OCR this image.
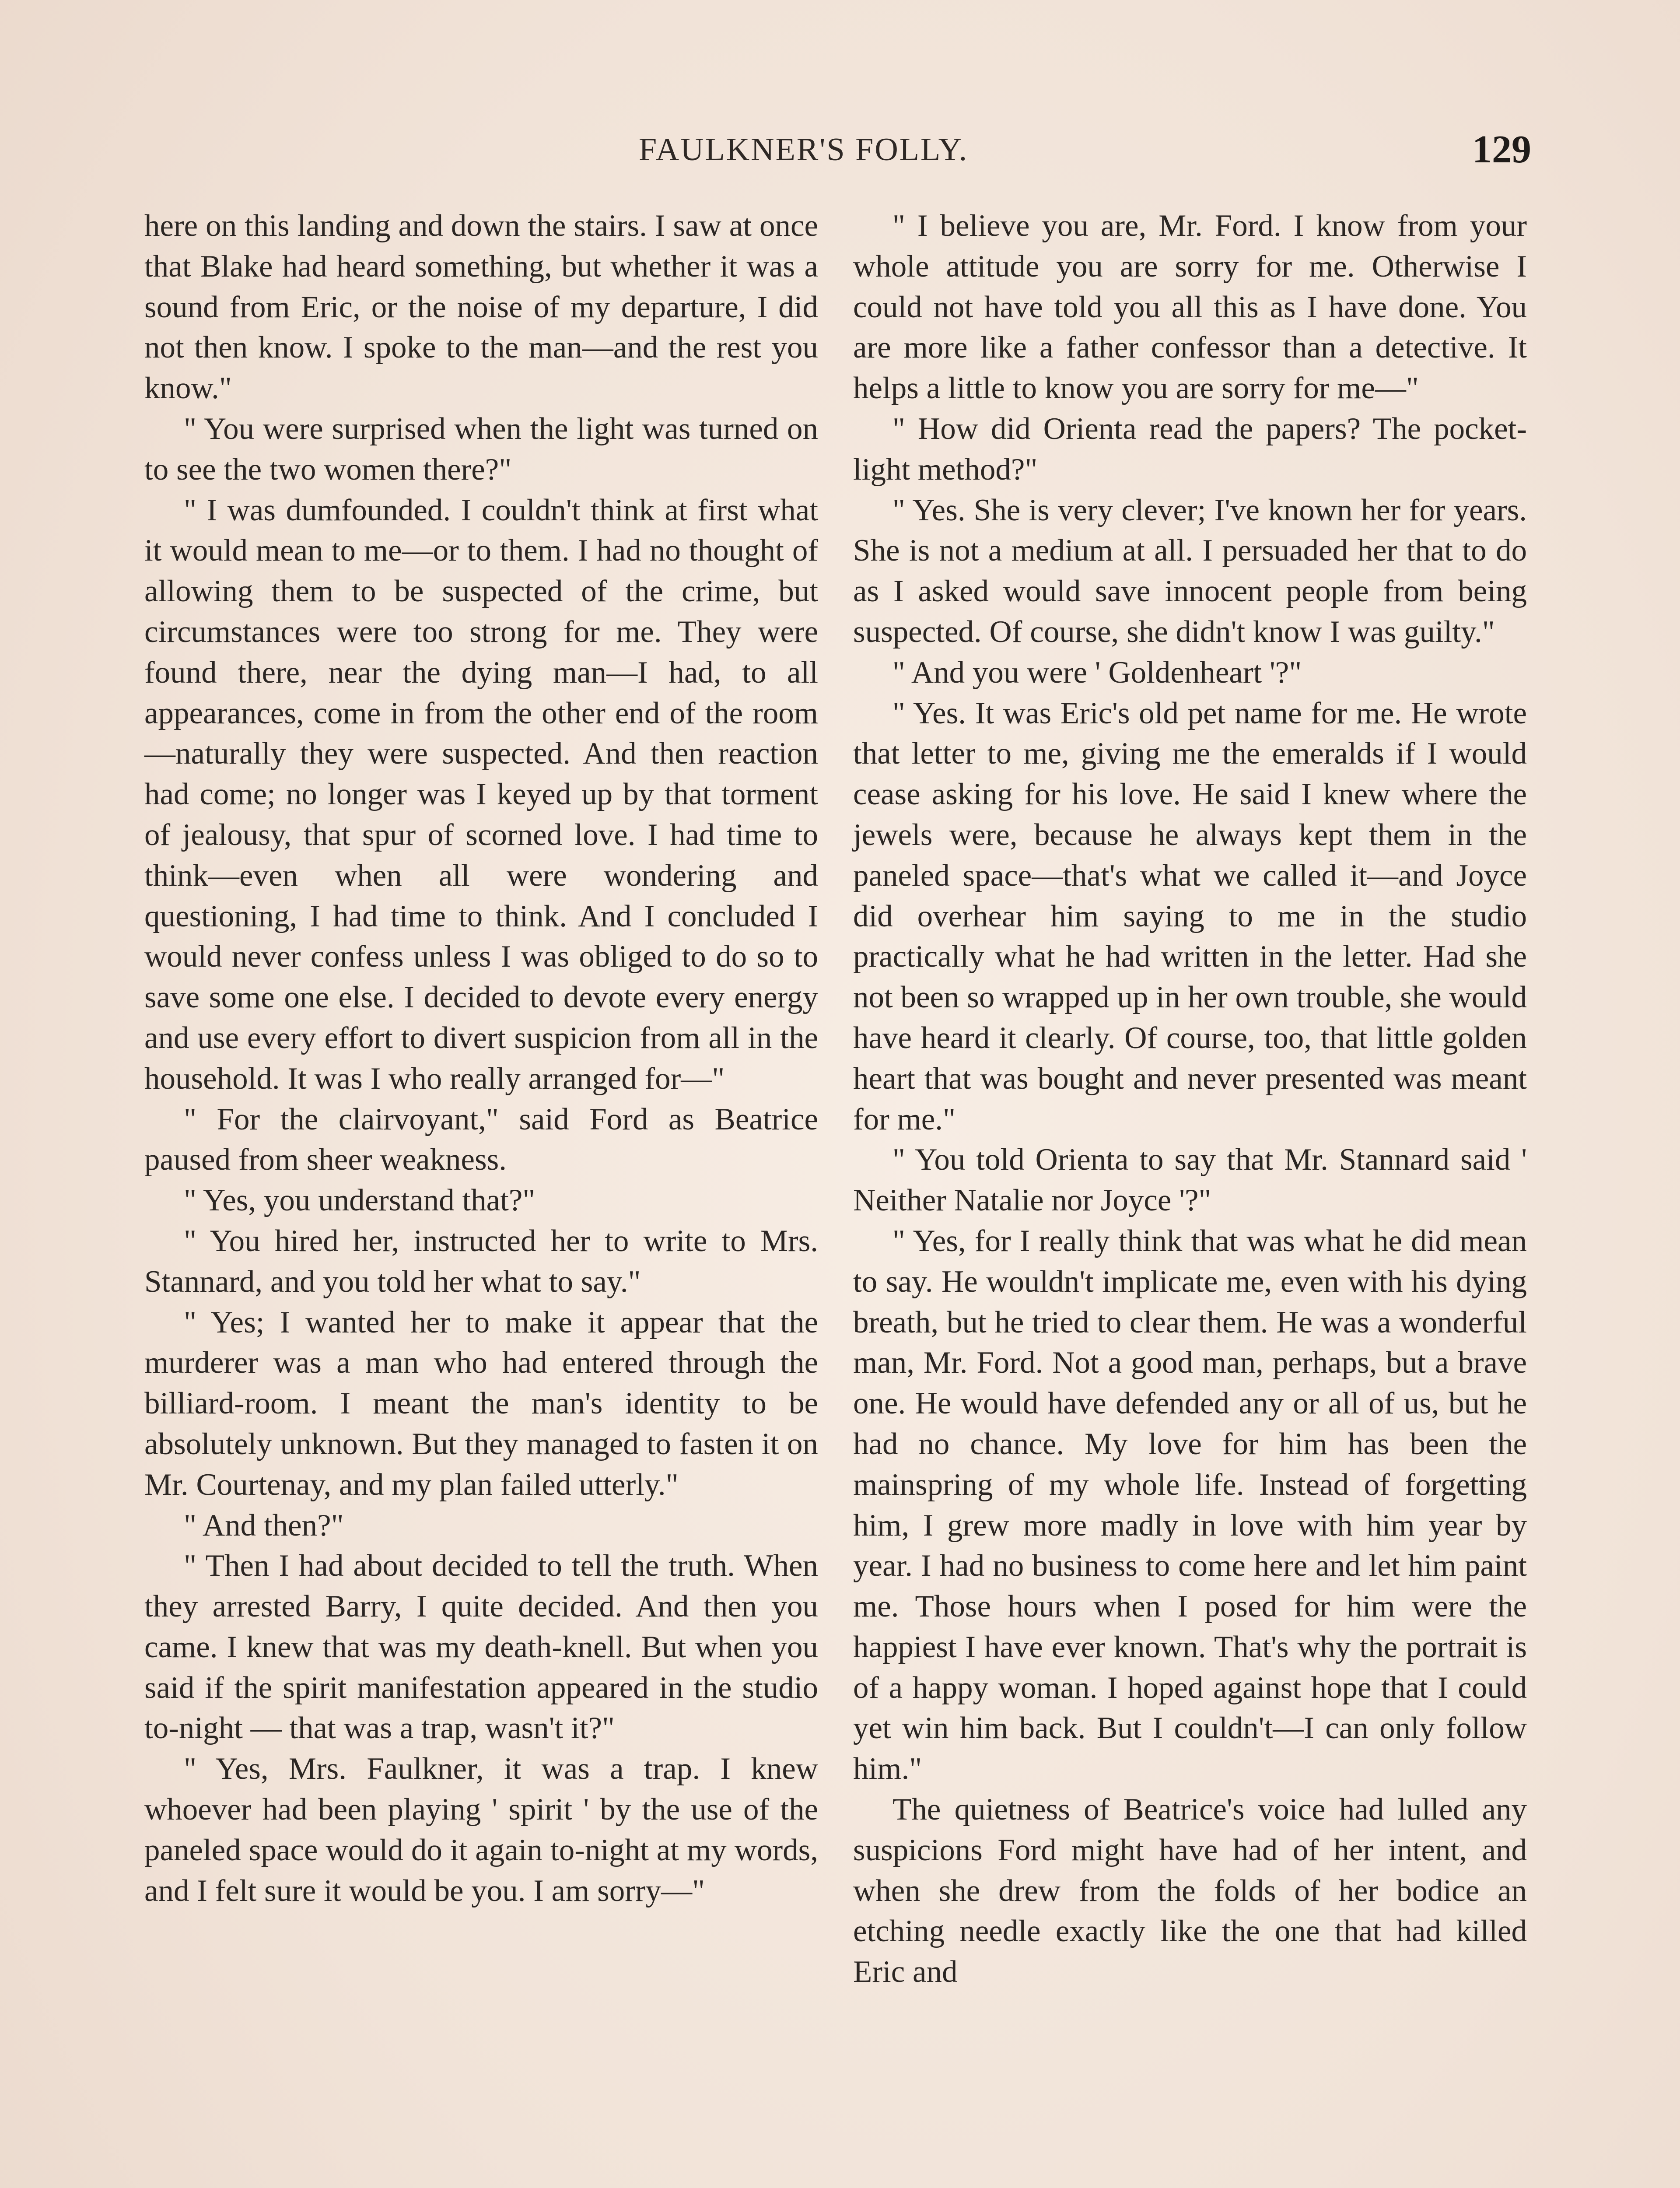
FAULKNER'S FOLLY.	129

here on this landing and down the stairs. I saw at once that Blake had heard something, but whether it was a sound from Eric, or the noise of my departure, I did not then know. I spoke to the man—and the rest you know."

" You were surprised when the light was turned on to see the two women there?"

" I was dumfounded. I couldn't think at first what it would mean to me—or to them. I had no thought of allowing them to be suspected of the crime, but circumstances were too strong for me. They were found there, near the dying man—I had, to all appearances, come in from the other end of the room—naturally they were suspected. And then reaction had come; no longer was I keyed up by that torment of jealousy, that spur of scorned love. I had time to think—even when all were wondering and questioning, I had time to think. And I concluded I would never confess unless I was obliged to do so to save some one else. I decided to devote every energy and use every effort to divert suspicion from all in the household. It was I who really arranged for—"

" For the clairvoyant," said Ford as Beatrice paused from sheer weakness.

" Yes, you understand that?"

" You hired her, instructed her to write to Mrs. Stannard, and you told her what to say."

" Yes; I wanted her to make it appear that the murderer was a man who had entered through the billiard-room. I meant the man's identity to be absolutely unknown. But they managed to fasten it on Mr. Courtenay, and my plan failed utterly."

" And then?"

" Then I had about decided to tell the truth. When they arrested Barry, I quite decided. And then you came. I knew that was my death-knell. But when you said if the spirit manifestation appeared in the studio to-night — that was a trap, wasn't it?"

" Yes, Mrs. Faulkner, it was a trap. I knew whoever had been playing ' spirit ' by the use of the paneled space would do it again to-night at my words, and I felt sure it would be you. I am sorry—"

" I believe you are, Mr. Ford. I know from your whole attitude you are sorry for me. Otherwise I could not have told you all this as I have done. You are more like a father confessor than a detective. It helps a little to know you are sorry for me—"

" How did Orienta read the papers? The pocket-light method?"

" Yes. She is very clever; I've known her for years. She is not a medium at all. I persuaded her that to do as I asked would save innocent people from being suspected. Of course, she didn't know I was guilty."

" And you were ' Goldenheart '?"

" Yes. It was Eric's old pet name for me. He wrote that letter to me, giving me the emeralds if I would cease asking for his love. He said I knew where the jewels were, because he always kept them in the paneled space—that's what we called it—and Joyce did overhear him saying to me in the studio practically what he had written in the letter. Had she not been so wrapped up in her own trouble, she would have heard it clearly. Of course, too, that little golden heart that was bought and never presented was meant for me."

" You told Orienta to say that Mr. Stannard said ' Neither Natalie nor Joyce '?"

" Yes, for I really think that was what he did mean to say. He wouldn't implicate me, even with his dying breath, but he tried to clear them. He was a wonderful man, Mr. Ford. Not a good man, perhaps, but a brave one. He would have defended any or all of us, but he had no chance. My love for him has been the mainspring of my whole life. Instead of forgetting him, I grew more madly in love with him year by year. I had no business to come here and let him paint me. Those hours when I posed for him were the happiest I have ever known. That's why the portrait is of a happy woman. I hoped against hope that I could yet win him back. But I couldn't—I can only follow him."

The quietness of Beatrice's voice had lulled any suspicions Ford might have had of her intent, and when she drew from the folds of her bodice an etching needle exactly like the one that had killed Eric and
